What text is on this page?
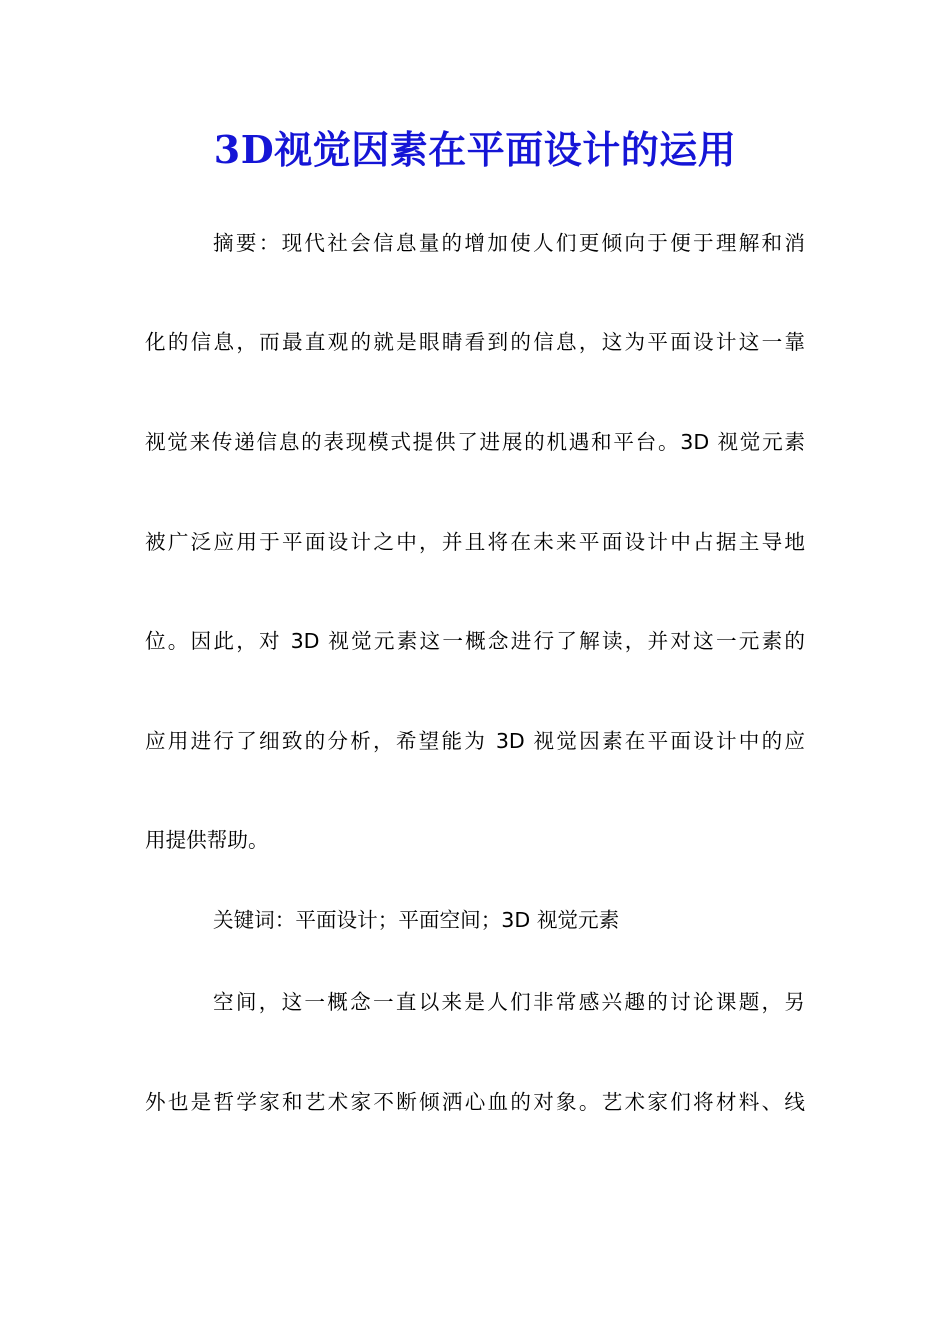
3D视觉因素在平面设计的运用
摘要：现代社会信息量的增加使人们更倾向于便于理解和消
化的信息，而最直观的就是眼睛看到的信息，这为平面设计这一靠
视觉来传递信息的表现模式提供了进展的机遇和平台。3D 视觉元素
被广泛应用于平面设计之中，并且将在未来平面设计中占据主导地
位。因此，对 3D 视觉元素这一概念进行了解读，并对这一元素的
应用进行了细致的分析，希望能为 3D 视觉因素在平面设计中的应
用提供帮助。
关键词：平面设计；平面空间；3D 视觉元素
空间，这一概念一直以来是人们非常感兴趣的讨论课题，另
外也是哲学家和艺术家不断倾洒心血的对象。艺术家们将材料、线
